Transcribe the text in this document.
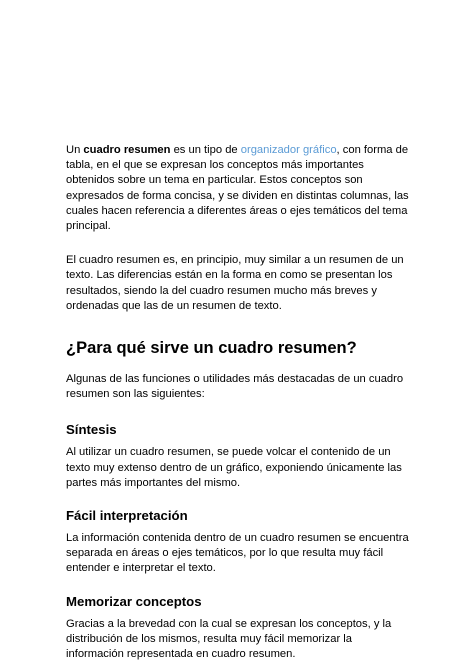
Un cuadro resumen es un tipo de organizador gráfico, con forma de tabla, en el que se expresan los conceptos más importantes obtenidos sobre un tema en particular. Estos conceptos son expresados de forma concisa, y se dividen en distintas columnas, las cuales hacen referencia a diferentes áreas o ejes temáticos del tema principal.

El cuadro resumen es, en principio, muy similar a un resumen de un texto. Las diferencias están en la forma en como se presentan los resultados, siendo la del cuadro resumen mucho más breves y ordenadas que las de un resumen de texto.

¿Para qué sirve un cuadro resumen?

Algunas de las funciones o utilidades más destacadas de un cuadro resumen son las siguientes:

Síntesis

Al utilizar un cuadro resumen, se puede volcar el contenido de un texto muy extenso dentro de un gráfico, exponiendo únicamente las partes más importantes del mismo.

Fácil interpretación

La información contenida dentro de un cuadro resumen se encuentra separada en áreas o ejes temáticos, por lo que resulta muy fácil entender e interpretar el texto.

Memorizar conceptos

Gracias a la brevedad con la cual se expresan los conceptos, y la distribución de los mismos, resulta muy fácil memorizar la información representada en cuadro resumen.
